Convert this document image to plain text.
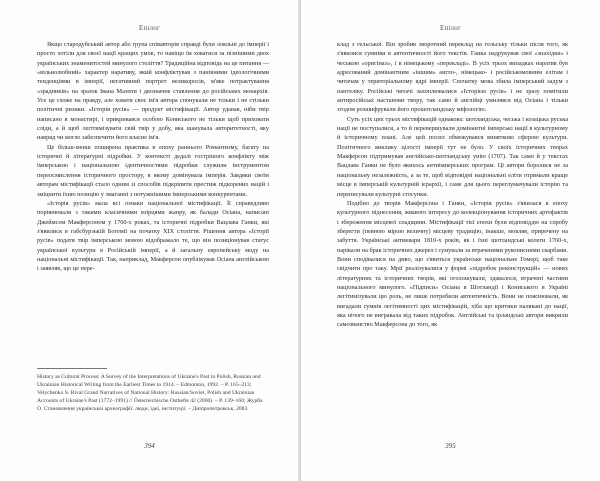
Епілог

Якщо стародубський автор або група співавторів справді були лояльні до імперії і просто хотіли для своєї нації кращих умов, то навіщо їм ховатися за пізнішими двох українських знаменитостей минулого століття? Традиційна відповідь на це питання — «вільнолюбний» характер наративу, який конфліктував з панівними ідеологічними тенденціями в імперії, негативний портрет великоросів, м'яке потрактування «зрадників» на зразок Івана Мазепи і двозначне ставлення до російських монархів. Усе це схоже на правду, але ховати своє ім'я автора спонукали не тільки і не стільки політичні ризики. «Історія русів» — продукт містифікації. Автор удавав, ніби твір написано в монастирі, і прикривався особою Кониського не тільки щоб приховати сліди, а й щоб легітимізувати свій твір у добу, яка шанувала авторитетності, яку навряд чи могло забезпечити його власне ім'я.

Це більш-менш поширена практика в епоху раннього Романтизму, багату на історичні й літературні підробки. У контексті дедалі гострішого конфлікту між імперською і національною ідентичностями підробки служили інструментом переосмислення історичного простору, в якому домінувала імперія. Завдяки своїм авторам містифікації стало одним зі способів підкріпити престиж підкорених націй і зміцнити їхню позицію у змаганні з потужнішими імперськими конкурентами.

«Історія русів» мала всі ознаки національної містифікації. Її справедливо порівнювали з такими класичними взірцями жанру, як балади Осіана, написані Джеймсом Макферсоном у 1760-х роках, та історичні підробки Вацлава Ганки, які з'явилися в габсбурзькій Богемії на початку ХІХ століття. Рішення автора «Історії русів» подати твір імперською мовою відображало те, що він позиціонував статус української культури в Російській імперії, а й загальну європейську моду на національні містифікації. Так, наприклад, Макферсон опублікував Осіана англійською і заявляв, що це пере-

History as Cultural Process: A Survey of the Interpretations of Ukraine's Past in Polish, Russian and Ukrainian Historical Writing from the Earliest Times to 1914. – Edmonton, 1992. – P. 165–213; Velychenko S. Rival Grand Narratives of National History: Russian/Soviet, Polish and Ukrainian Accounts of Ukraine's Past (1772–1991) // Österreichische Osthefte 42 (2000). – P. 139–160; Журба О. Становлення української археографії: люди, ідеї, інституції. – Дніпропетровськ, 2003.
394
Епілог

клад з гельської. Він зробив зворотний переклад на гельську тільки після того, як з'явилися сумніви в автентичності його текстів. Ганка надрукував свої «знахідки» і чеською «оригінал», і в німецькому «перекладі». В усіх трьох випадках наратив був адресований домінантним «іншим» англо-, німецько- і російськомовним елітам і читачам у територіальному ядрі імперії. Спочатку мова збила імперський задум з пантеліку. Російські читачі захоплювалися «Історією русів» і не зразу помітили антиросійські настанови твору, так само й англійці умилявся від Осіана і тільки згодом розшифрували його прошотландську міфологію.

Суть усіх цих трьох містифікацій однакова: шотландська, чеська і козацька руська нації не поступалися, а то й перевершували домінантні імперські нації в культурному й історичному плані. Але цей посил обмежувався винятково сферою культури. Політичного виклику цілості імперії тут не було. У своїх історичних творах Макферсон підтримував англійсько-шотландську унію (1707). Так само й у текстах Вацлава Ганки не було якихось антиімперських програм. Ці автори боролися не за національну незалежність, а за те, щоб відповідні національні еліти отримали краще місце в імперській культурній ієрархії, і саме для цього переглумачували історію та переписували культурні стосунки.

Подібно до творів Макферсона і Ганки, «Історія русів» з'явилася в епоху культурного піднесення, жвавого інтересу до колекціонування історичних артефактів і збереження місцевої спадщини. Містифікації тієї епохи були відповіддю на спробу зберегти (певною мірою величну) місцеву традицію, інакше, мовляв, приречену на забуття. Українські антиквари 1810-х років, як і їхні шотландські колеги 1760-х, нарікали на брак історичних джерел і сумували за втраченими рукописними скарбами. Вони сподівалися на диво, що з'явиться українське національне Гомері, щоб таке свідчити про таку. Мрії реалізувалися у формі «підробок реконструкцій» — нових літературних та історичних творів, які оголошували, здавалося, втрачені частини національного минулого. «Підписи» Осіана в Шотландії і Кониського в Україні легітимізували цю роль, не лише потребили автентичність. Вони не пояснювали, як вигадали сумнів легітимності цих містифікацій, хіба що критики налякані до нації, яка нічого не вигравала від таких підробок. Англійські та ірландські автори викрили самозванство Макферсона до того, як

395
